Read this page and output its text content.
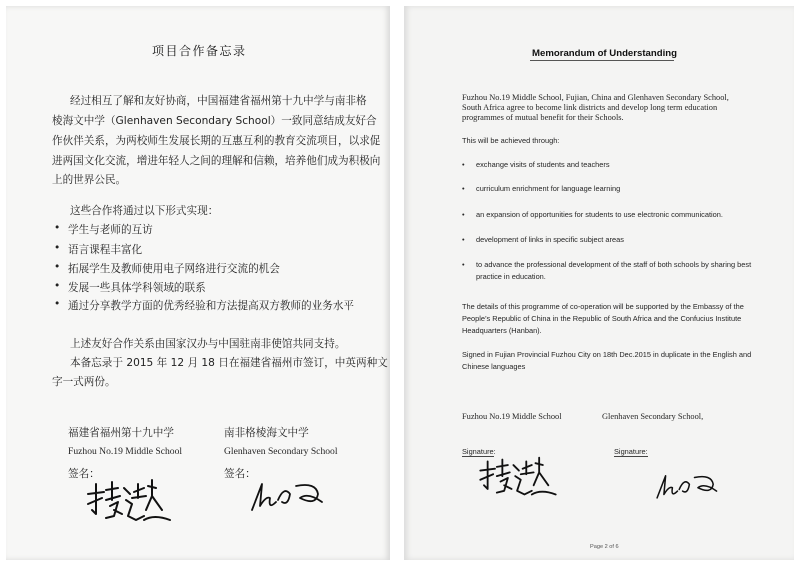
项目合作备忘录
经过相互了解和友好协商，中国福建省福州第十九中学与南非格
棱海文中学（Glenhaven Secondary School）一致同意结成友好合
作伙伴关系，为两校师生发展长期的互惠互利的教育交流项目，以求促
进两国文化交流，增进年轻人之间的理解和信赖，培养他们成为积极向
上的世界公民。
这些合作将通过以下形式实现：
• 学生与老师的互访
• 语言课程丰富化
• 拓展学生及教师使用电子网络进行交流的机会
• 发展一些具体学科领域的联系
• 通过分享教学方面的优秀经验和方法提高双方教师的业务水平
上述友好合作关系由国家汉办与中国驻南非使馆共同支持。
本备忘录于 2015 年 12 月 18 日在福建省福州市签订，中英两种文
字一式两份。
福建省福州第十九中学	南非格棱海文中学
Fuzhou No.19 Middle School	Glenhaven Secondary School
签名：	签名：
Memorandum of Understanding
Fuzhou No.19 Middle School, Fujian, China and Glenhaven Secondary School,
South Africa agree to become link districts and develop long term education
programmes of mutual benefit for their Schools.
This will be achieved through:
• exchange visits of students and teachers
• curriculum enrichment for language learning
• an expansion of opportunities for students to use electronic communication.
• development of links in specific subject areas
• to advance the professional development of the staff of both schools by sharing best
practice in education.
The details of this programme of co-operation will be supported by the Embassy of the
People’s Republic of China in the Republic of South Africa and the Confucius Institute
Headquarters (Hanban).
Signed in Fujian Provincial Fuzhou City on 18th Dec.2015 in duplicate in the English and
Chinese languages
Fuzhou No.19 Middle School	Glenhaven Secondary School,
Signature:	Signature:
Page 2 of 6
